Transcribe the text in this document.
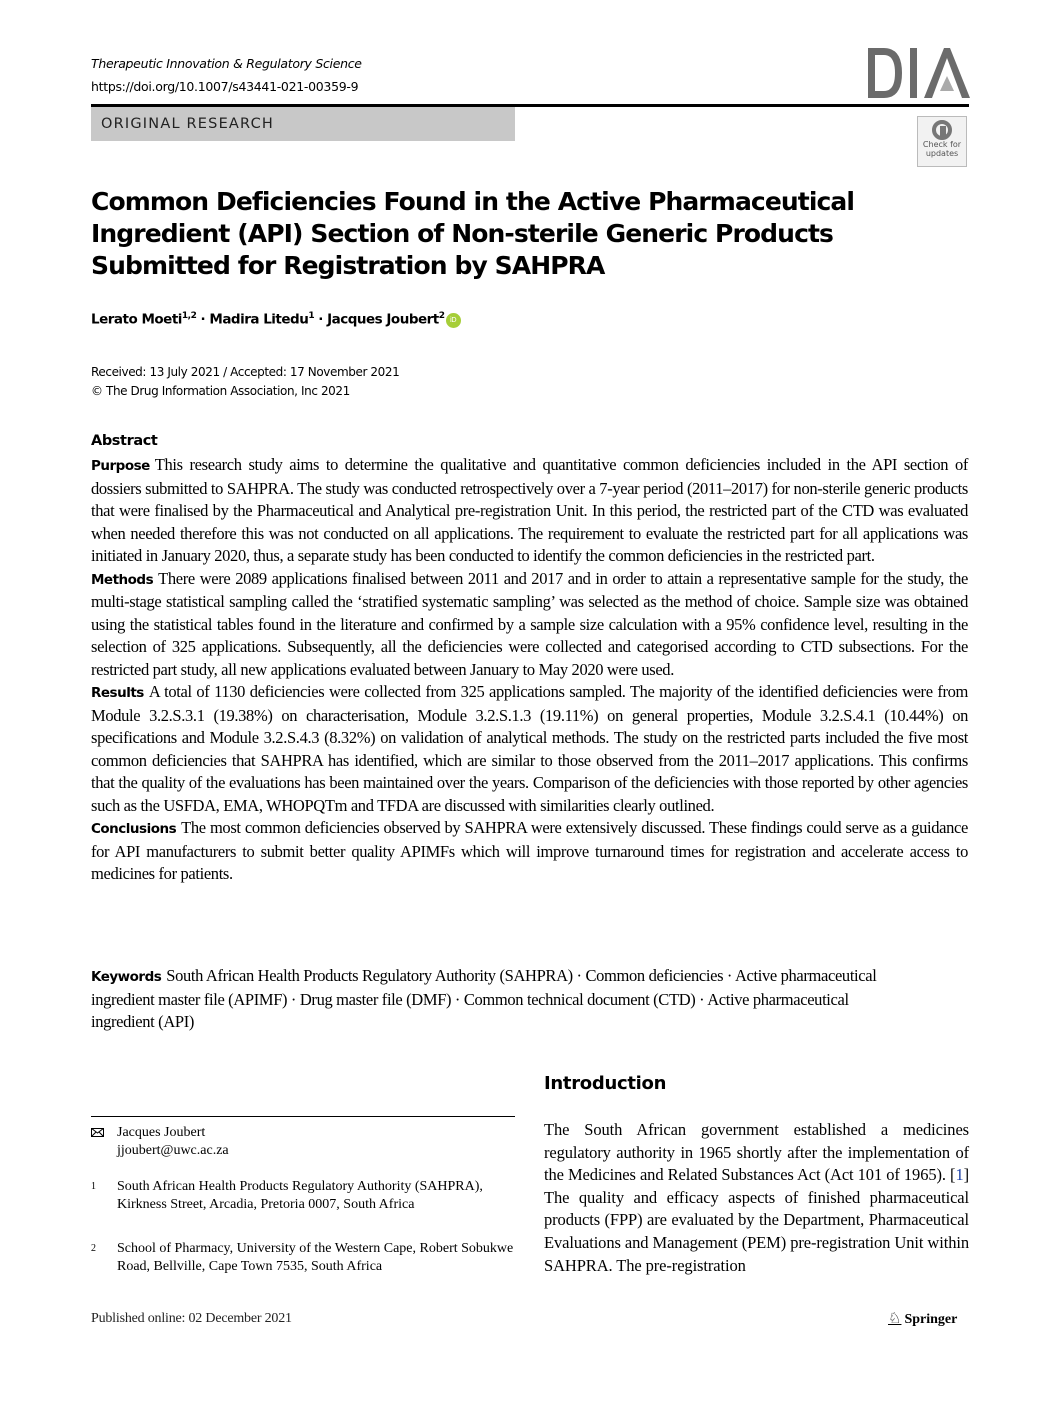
Therapeutic Innovation & Regulatory Science
https://doi.org/10.1007/s43441-021-00359-9
ORIGINAL RESEARCH
Check for
updates
Common Deficiencies Found in the Active Pharmaceutical Ingredient (API) Section of Non-sterile Generic Products Submitted for Registration by SAHPRA
Lerato Moeti$^{1,2}$ · Madira Litedu$^1$ · Jacques Joubert$^2$ iD
Received: 13 July 2021 / Accepted: 17 November 2021
© The Drug Information Association, Inc 2021
Abstract

Purpose This research study aims to determine the qualitative and quantitative common deficiencies included in the API section of dossiers submitted to SAHPRA. The study was conducted retrospectively over a 7-year period (2011–2017) for non-sterile generic products that were finalised by the Pharmaceutical and Analytical pre-registration Unit. In this period, the restricted part of the CTD was evaluated when needed therefore this was not conducted on all applications. The requirement to evaluate the restricted part for all applications was initiated in January 2020, thus, a separate study has been conducted to identify the common deficiencies in the restricted part.

Methods There were 2089 applications finalised between 2011 and 2017 and in order to attain a representative sample for the study, the multi-stage statistical sampling called the ‘stratified systematic sampling’ was selected as the method of choice. Sample size was obtained using the statistical tables found in the literature and confirmed by a sample size calculation with a 95% confidence level, resulting in the selection of 325 applications. Subsequently, all the deficiencies were collected and categorised according to CTD subsections. For the restricted part study, all new applications evaluated between January to May 2020 were used.

Results A total of 1130 deficiencies were collected from 325 applications sampled. The majority of the identified deficiencies were from Module 3.2.S.3.1 (19.38%) on characterisation, Module 3.2.S.1.3 (19.11%) on general properties, Module 3.2.S.4.1 (10.44%) on specifications and Module 3.2.S.4.3 (8.32%) on validation of analytical methods. The study on the restricted parts included the five most common deficiencies that SAHPRA has identified, which are similar to those observed from the 2011–2017 applications. This confirms that the quality of the evaluations has been maintained over the years. Comparison of the deficiencies with those reported by other agencies such as the USFDA, EMA, WHOPQTm and TFDA are discussed with similarities clearly outlined.

Conclusions The most common deficiencies observed by SAHPRA were extensively discussed. These findings could serve as a guidance for API manufacturers to submit better quality APIMFs which will improve turnaround times for registration and accelerate access to medicines for patients.

Keywords South African Health Products Regulatory Authority (SAHPRA) · Common deficiencies · Active pharmaceutical ingredient master file (APIMF) · Drug master file (DMF) · Common technical document (CTD) · Active pharmaceutical ingredient (API)
Jacques Joubert
jjoubert@uwc.ac.za
$^1$	South African Health Products Regulatory Authority (SAHPRA), Kirkness Street, Arcadia, Pretoria 0007, South Africa
$^2$	School of Pharmacy, University of the Western Cape, Robert Sobukwe Road, Bellville, Cape Town 7535, South Africa
Introduction
The South African government established a medicines regulatory authority in 1965 shortly after the implementation of the Medicines and Related Substances Act (Act 101 of 1965). [1] The quality and efficacy aspects of finished pharmaceutical products (FPP) are evaluated by the Department, Pharmaceutical Evaluations and Management (PEM) pre-registration Unit within SAHPRA. The pre-registration
Published online: 02 December 2021	♘ Springer
